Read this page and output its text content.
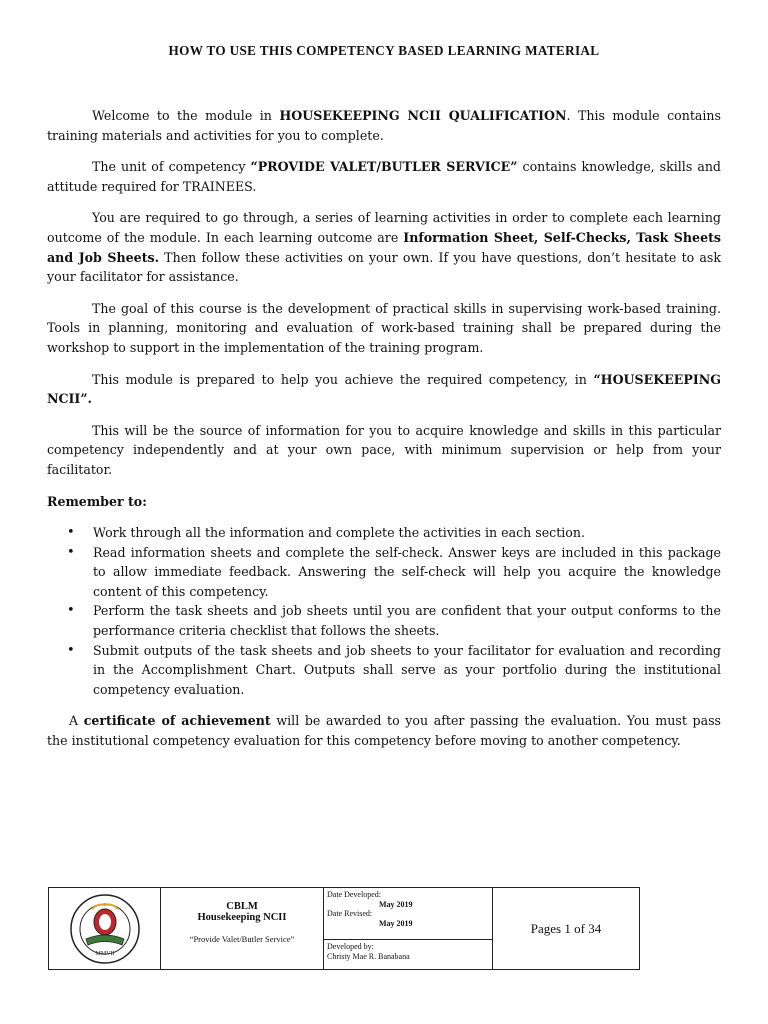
HOW TO USE THIS COMPETENCY BASED LEARNING MATERIAL

Welcome to the module in HOUSEKEEPING NCII QUALIFICATION. This module contains training materials and activities for you to complete.

The unit of competency “PROVIDE VALET/BUTLER SERVICE” contains knowledge, skills and attitude required for TRAINEES.

You are required to go through, a series of learning activities in order to complete each learning outcome of the module. In each learning outcome are Information Sheet, Self-Checks, Task Sheets and Job Sheets. Then follow these activities on your own. If you have questions, don’t hesitate to ask your facilitator for assistance.

The goal of this course is the development of practical skills in supervising work-based training. Tools in planning, monitoring and evaluation of work-based training shall be prepared during the workshop to support in the implementation of the training program.

This module is prepared to help you achieve the required competency, in “HOUSEKEEPING NCII”.

This will be the source of information for you to acquire knowledge and skills in this particular competency independently and at your own pace, with minimum supervision or help from your facilitator.

Remember to:
• Work through all the information and complete the activities in each section.
• Read information sheets and complete the self-check. Answer keys are included in this package to allow immediate feedback. Answering the self-check will help you acquire the knowledge content of this competency.
• Perform the task sheets and job sheets until you are confident that your output conforms to the performance criteria checklist that follows the sheets.
• Submit outputs of the task sheets and job sheets to your facilitator for evaluation and recording in the Accomplishment Chart. Outputs shall serve as your portfolio during the institutional competency evaluation.

A certificate of achievement will be awarded to you after passing the evaluation. You must pass the institutional competency evaluation for this competency before moving to another competency.

MMVII
CBLM
Housekeeping NCII
“Provide Valet/Butler Service”
Date Developed:
May 2019
Date Revised:
May 2019
Developed by:
Christy Mae R. Banabana
Pages 1 of 34
